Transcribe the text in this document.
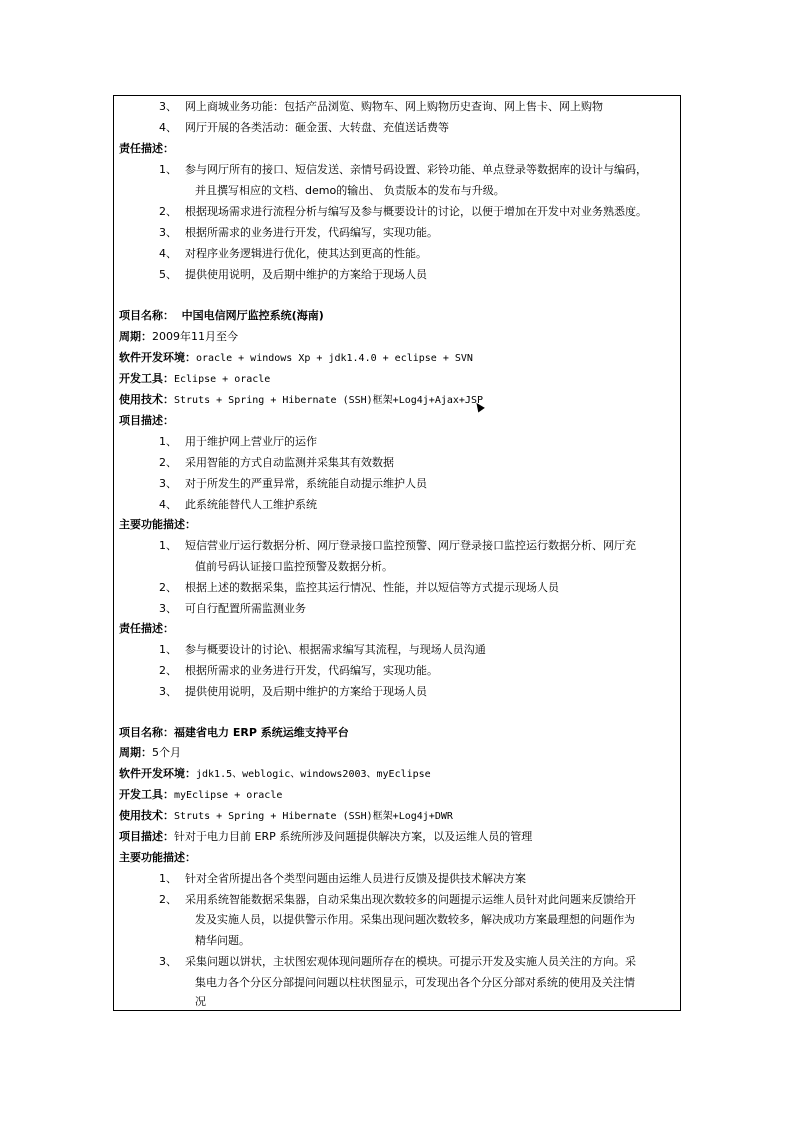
3、 网上商城业务功能：包括产品浏览、购物车、网上购物历史查询、网上售卡、网上购物
4、 网厅开展的各类活动：砸金蛋、大转盘、充值送话费等
责任描述：
1、 参与网厅所有的接口、短信发送、亲情号码设置、彩铃功能、单点登录等数据库的设计与编码，
并且撰写相应的文档、demo的输出、 负责版本的发布与升级。
2、 根据现场需求进行流程分析与编写及参与概要设计的讨论，以便于增加在开发中对业务熟悉度。
3、 根据所需求的业务进行开发，代码编写，实现功能。
4、 对程序业务逻辑进行优化，使其达到更高的性能。
5、 提供使用说明，及后期中维护的方案给于现场人员
项目名称： 中国电信网厅监控系统(海南)
周期：2009年11月至今
软件开发环境：oracle + windows Xp + jdk1.4.0 + eclipse + SVN
开发工具：Eclipse + oracle
使用技术：Struts + Spring + Hibernate (SSH)框架+Log4j+Ajax+JSP
项目描述：
1、 用于维护网上营业厅的运作
2、 采用智能的方式自动监测并采集其有效数据
3、 对于所发生的严重异常，系统能自动提示维护人员
4、 此系统能替代人工维护系统
主要功能描述：
1、 短信营业厅运行数据分析、网厅登录接口监控预警、网厅登录接口监控运行数据分析、网厅充
值前号码认证接口监控预警及数据分析。
2、 根据上述的数据采集，监控其运行情况、性能，并以短信等方式提示现场人员
3、 可自行配置所需监测业务
责任描述：
1、 参与概要设计的讨论\、根据需求编写其流程，与现场人员沟通
2、 根据所需求的业务进行开发，代码编写，实现功能。
3、 提供使用说明，及后期中维护的方案给于现场人员
项目名称：福建省电力 ERP 系统运维支持平台
周期：5个月
软件开发环境：jdk1.5、weblogic、windows2003、myEclipse
开发工具：myEclipse + oracle
使用技术：Struts + Spring + Hibernate (SSH)框架+Log4j+DWR
项目描述：针对于电力目前 ERP 系统所涉及问题提供解决方案，以及运维人员的管理
主要功能描述：
1、 针对全省所提出各个类型问题由运维人员进行反馈及提供技术解决方案
2、 采用系统智能数据采集器，自动采集出现次数较多的问题提示运维人员针对此问题来反馈给开
发及实施人员，以提供警示作用。采集出现问题次数较多，解决成功方案最理想的问题作为
精华问题。
3、 采集问题以饼状，主状图宏观体现问题所存在的模块。可提示开发及实施人员关注的方向。采
集电力各个分区分部提问问题以柱状图显示，可发现出各个分区分部对系统的使用及关注情
况
